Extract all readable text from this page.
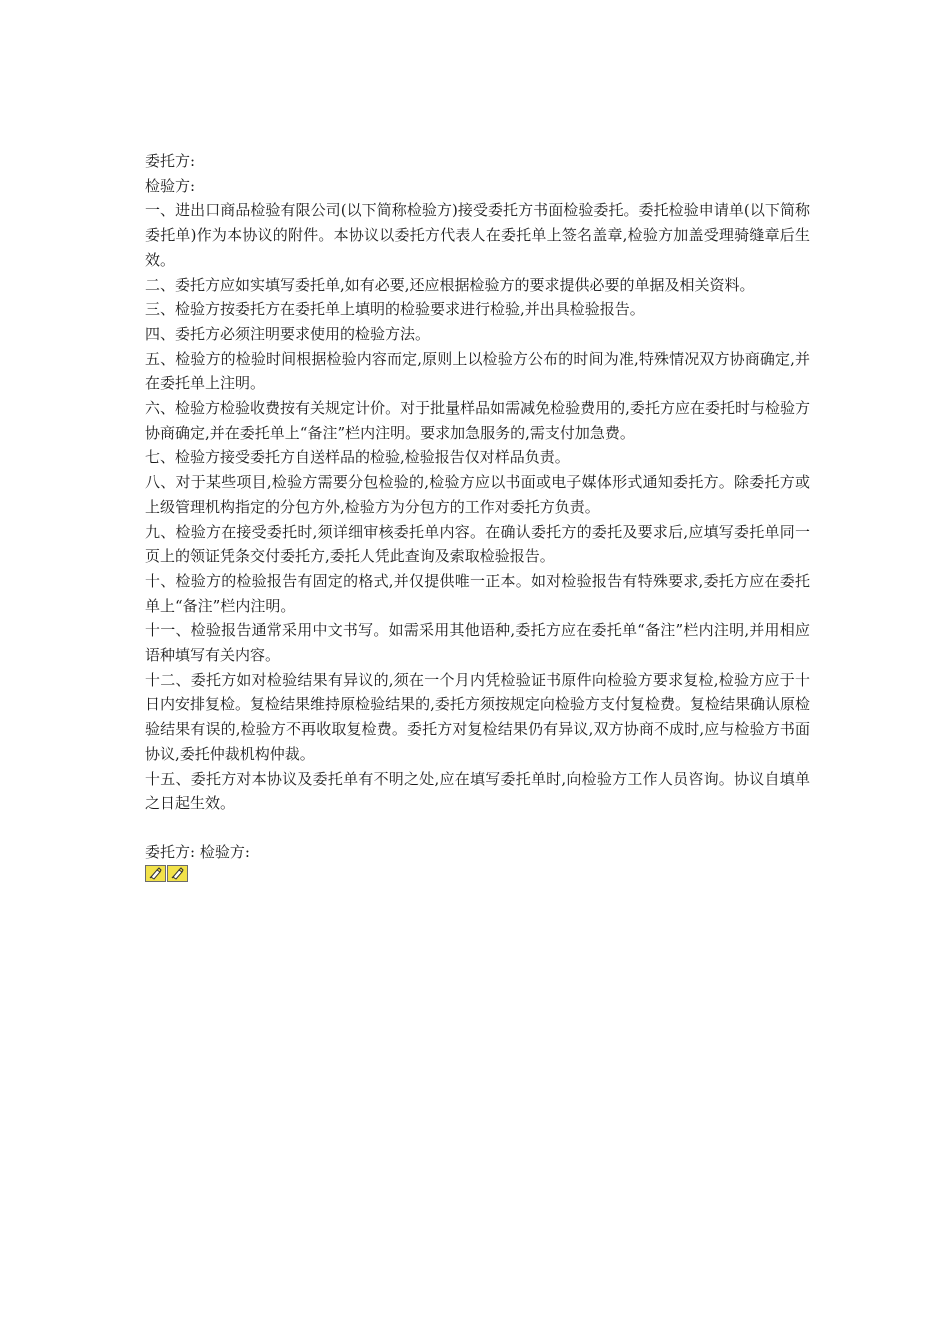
委托方:

检验方:

一、进出口商品检验有限公司(以下简称检验方)接受委托方书面检验委托。委托检验申请单(以下简称委托单)作为本协议的附件。本协议以委托方代表人在委托单上签名盖章,检验方加盖受理骑缝章后生效。

二、委托方应如实填写委托单,如有必要,还应根据检验方的要求提供必要的单据及相关资料。

三、检验方按委托方在委托单上填明的检验要求进行检验,并出具检验报告。

四、委托方必须注明要求使用的检验方法。

五、检验方的检验时间根据检验内容而定,原则上以检验方公布的时间为准,特殊情况双方协商确定,并在委托单上注明。

六、检验方检验收费按有关规定计价。对于批量样品如需减免检验费用的,委托方应在委托时与检验方协商确定,并在委托单上“备注”栏内注明。要求加急服务的,需支付加急费。

七、检验方接受委托方自送样品的检验,检验报告仅对样品负责。

八、对于某些项目,检验方需要分包检验的,检验方应以书面或电子媒体形式通知委托方。除委托方或上级管理机构指定的分包方外,检验方为分包方的工作对委托方负责。

九、检验方在接受委托时,须详细审核委托单内容。在确认委托方的委托及要求后,应填写委托单同一页上的领证凭条交付委托方,委托人凭此查询及索取检验报告。

十、检验方的检验报告有固定的格式,并仅提供唯一正本。如对检验报告有特殊要求,委托方应在委托单上“备注”栏内注明。

十一、检验报告通常采用中文书写。如需采用其他语种,委托方应在委托单“备注”栏内注明,并用相应语种填写有关内容。

十二、委托方如对检验结果有异议的,须在一个月内凭检验证书原件向检验方要求复检,检验方应于十日内安排复检。复检结果维持原检验结果的,委托方须按规定向检验方支付复检费。复检结果确认原检验结果有误的,检验方不再收取复检费。委托方对复检结果仍有异议,双方协商不成时,应与检验方书面协议,委托仲裁机构仲裁。

十五、委托方对本协议及委托单有不明之处,应在填写委托单时,向检验方工作人员咨询。协议自填单之日起生效。

委托方: 检验方:
